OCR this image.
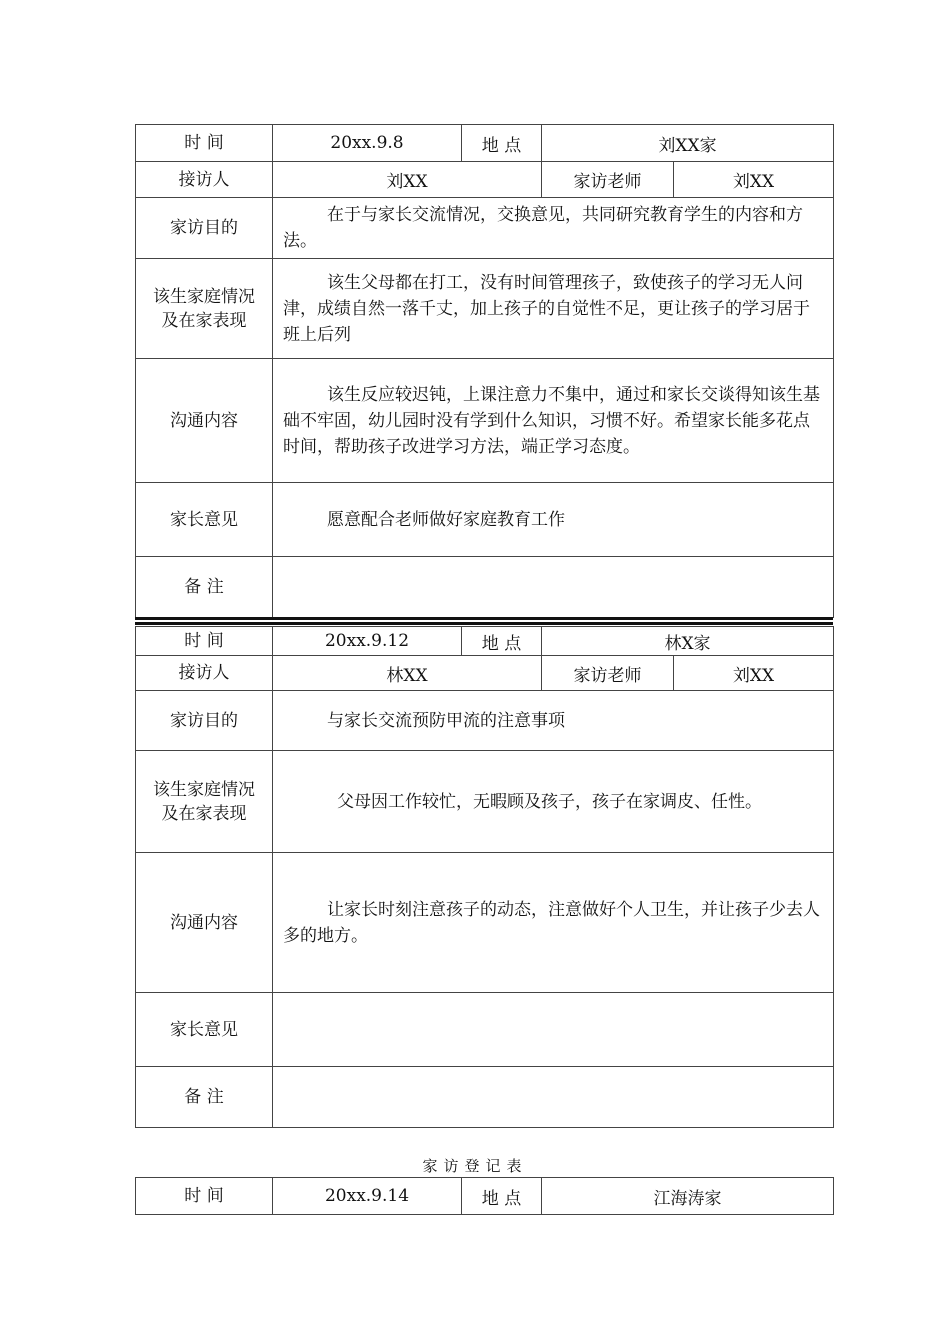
时 间	20xx.9.8	地 点	刘XX家	
接访人	刘XX		家访老师	刘XX
家访目的	在于与家长交流情况，交换意见，共同研究教育学生的内容和方法。			

该生家庭情况
及在家表现	该生父母都在打工，没有时间管理孩子，致使孩子的学习无人问津，成绩自然一落千丈，加上孩子的自觉性不足，更让孩子的学习居于班上后列			
沟通内容	该生反应较迟钝，上课注意力不集中，通过和家长交谈得知该生基础不牢固，幼儿园时没有学到什么知识，习惯不好。希望家长能多花点时间，帮助孩子改进学习方法，端正学习态度。			
家长意见	愿意配合老师做好家庭教育工作			
备 注				
时 间	20xx.9.12	地 点	林X家	
接访人	林XX		家访老师	刘XX
家访目的	与家长交流预防甲流的注意事项			

该生家庭情况
及在家表现	父母因工作较忙，无暇顾及孩子，孩子在家调皮、任性。			
沟通内容	让家长时刻注意孩子的动态，注意做好个人卫生，并让孩子少去人多的地方。			
家长意见				
备 注				
家访登记表
时 间	20xx.9.14	地 点	江海涛家
